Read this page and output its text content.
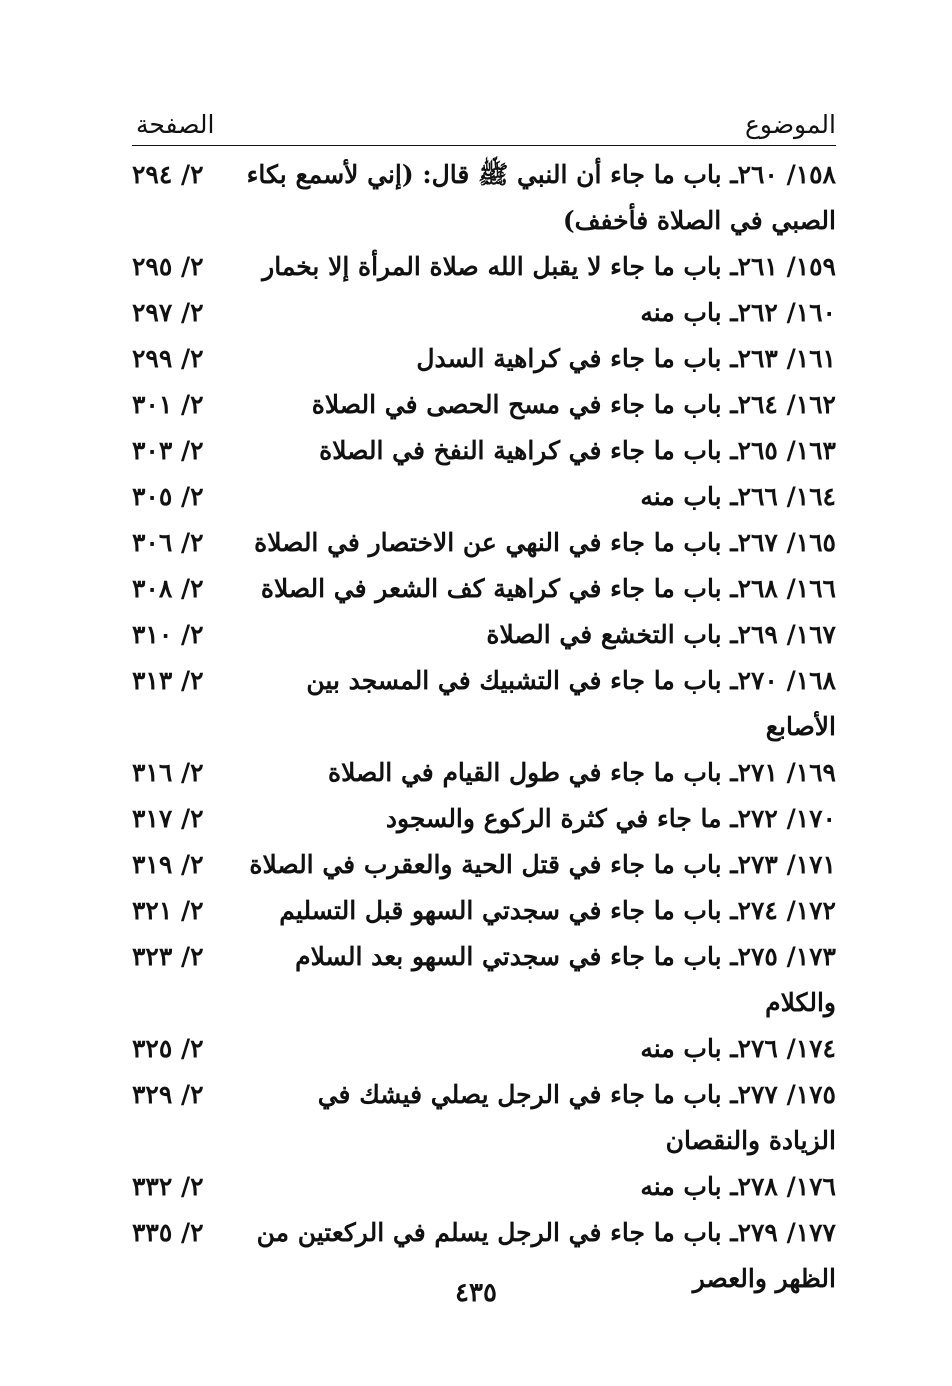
الموضوع
الصفحة
١٥٨/ ٢٦٠ـ باب ما جاء أن النبي ﷺ قال: (إني لأسمع بكاء الصبي في الصلاة فأخفف)
٢/ ٢٩٤
١٥٩/ ٢٦١ـ باب ما جاء لا يقبل الله صلاة المرأة إلا بخمار
٢/ ٢٩٥
١٦٠/ ٢٦٢ـ باب منه
٢/ ٢٩٧
١٦١/ ٢٦٣ـ باب ما جاء في كراهية السدل
٢/ ٢٩٩
١٦٢/ ٢٦٤ـ باب ما جاء في مسح الحصى في الصلاة
٢/ ٣٠١
١٦٣/ ٢٦٥ـ باب ما جاء في كراهية النفخ في الصلاة
٢/ ٣٠٣
١٦٤/ ٢٦٦ـ باب منه
٢/ ٣٠٥
١٦٥/ ٢٦٧ـ باب ما جاء في النهي عن الاختصار في الصلاة
٢/ ٣٠٦
١٦٦/ ٢٦٨ـ باب ما جاء في كراهية كف الشعر في الصلاة
٢/ ٣٠٨
١٦٧/ ٢٦٩ـ باب التخشع في الصلاة
٢/ ٣١٠
١٦٨/ ٢٧٠ـ باب ما جاء في التشبيك في المسجد بين الأصابع
٢/ ٣١٣
١٦٩/ ٢٧١ـ باب ما جاء في طول القيام في الصلاة
٢/ ٣١٦
١٧٠/ ٢٧٢ـ ما جاء في كثرة الركوع والسجود
٢/ ٣١٧
١٧١/ ٢٧٣ـ باب ما جاء في قتل الحية والعقرب في الصلاة
٢/ ٣١٩
١٧٢/ ٢٧٤ـ باب ما جاء في سجدتي السهو قبل التسليم
٢/ ٣٢١
١٧٣/ ٢٧٥ـ باب ما جاء في سجدتي السهو بعد السلام والكلام
٢/ ٣٢٣
١٧٤/ ٢٧٦ـ باب منه
٢/ ٣٢٥
١٧٥/ ٢٧٧ـ باب ما جاء في الرجل يصلي فيشك في الزيادة والنقصان
٢/ ٣٢٩
١٧٦/ ٢٧٨ـ باب منه
٢/ ٣٣٢
١٧٧/ ٢٧٩ـ باب ما جاء في الرجل يسلم في الركعتين من الظهر والعصر
٢/ ٣٣٥
٤٣٥
